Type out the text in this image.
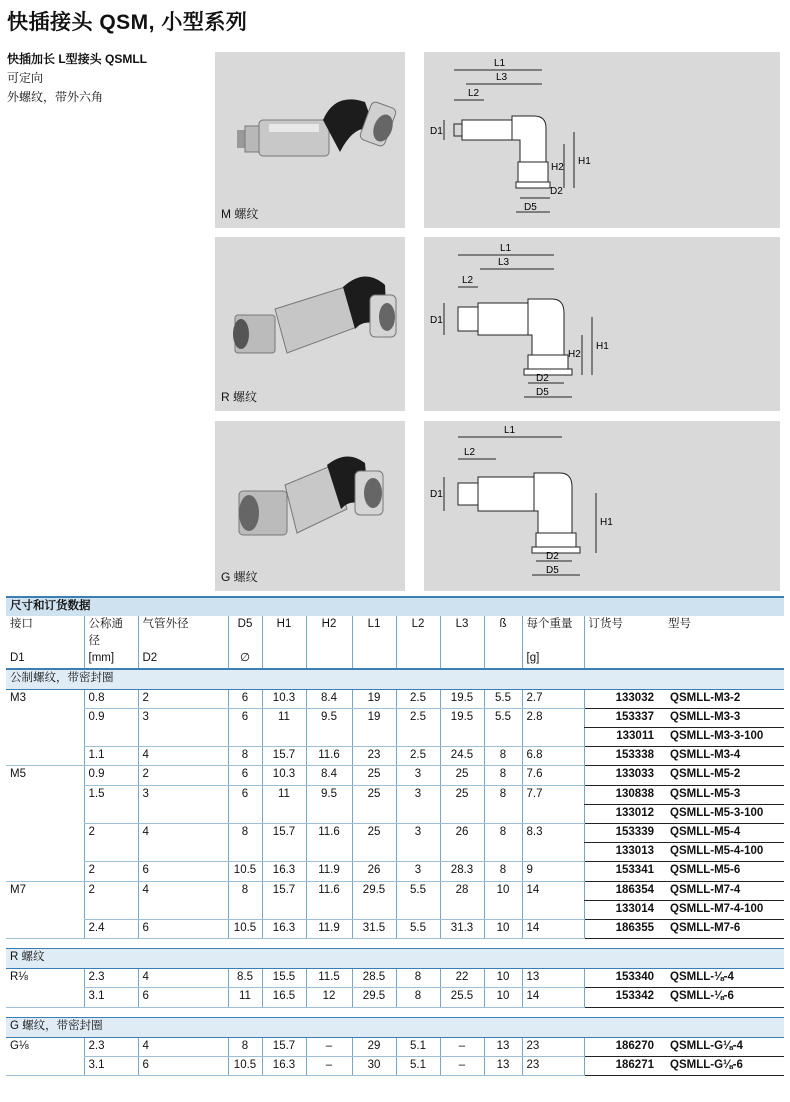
快插接头 QSM, 小型系列
快插加长 L型接头 QSMLL
可定向
外螺纹，带外六角
M 螺纹
R 螺纹
G 螺纹
L1
L3
L2
D1
H1
H2
D2
D5
L1
L3
L2
D1
H1
H2
D2
D5
L1
L2
D1
H1
D2
D5
尺寸和订货数据												
接口	公称通径	气管外径	D5	H1	H2	L1	L2	L3	ß	每个重量	订货号	型号
D1	[mm]	D2	∅							[g]		
公制螺纹，带密封圈												
M3	0.8	2	6	10.3	8.4	19	2.5	19.5	5.5	2.7	133032	QSMLL-M3-2
	0.9	3	6	11	9.5	19	2.5	19.5	5.5	2.8	153337	QSMLL-M3-3
											133011	QSMLL-M3-3-100
	1.1	4	8	15.7	11.6	23	2.5	24.5	8	6.8	153338	QSMLL-M3-4
M5	0.9	2	6	10.3	8.4	25	3	25	8	7.6	133033	QSMLL-M5-2
	1.5	3	6	11	9.5	25	3	25	8	7.7	130838	QSMLL-M5-3
											133012	QSMLL-M5-3-100
	2	4	8	15.7	11.6	25	3	26	8	8.3	153339	QSMLL-M5-4
											133013	QSMLL-M5-4-100
	2	6	10.5	16.3	11.9	26	3	28.3	8	9	153341	QSMLL-M5-6
M7	2	4	8	15.7	11.6	29.5	5.5	28	10	14	186354	QSMLL-M7-4
											133014	QSMLL-M7-4-100
	2.4	6	10.5	16.3	11.9	31.5	5.5	31.3	10	14	186355	QSMLL-M7-6

R 螺纹												
R⅛	2.3	4	8.5	15.5	11.5	28.5	8	22	10	13	153340	QSMLL-⅛-4
	3.1	6	11	16.5	12	29.5	8	25.5	10	14	153342	QSMLL-⅛-6

G 螺纹，带密封圈												
G⅛	2.3	4	8	15.7	–	29	5.1	–	13	23	186270	QSMLL-G⅛-4
	3.1	6	10.5	16.3	–	30	5.1	–	13	23	186271	QSMLL-G⅛-6
